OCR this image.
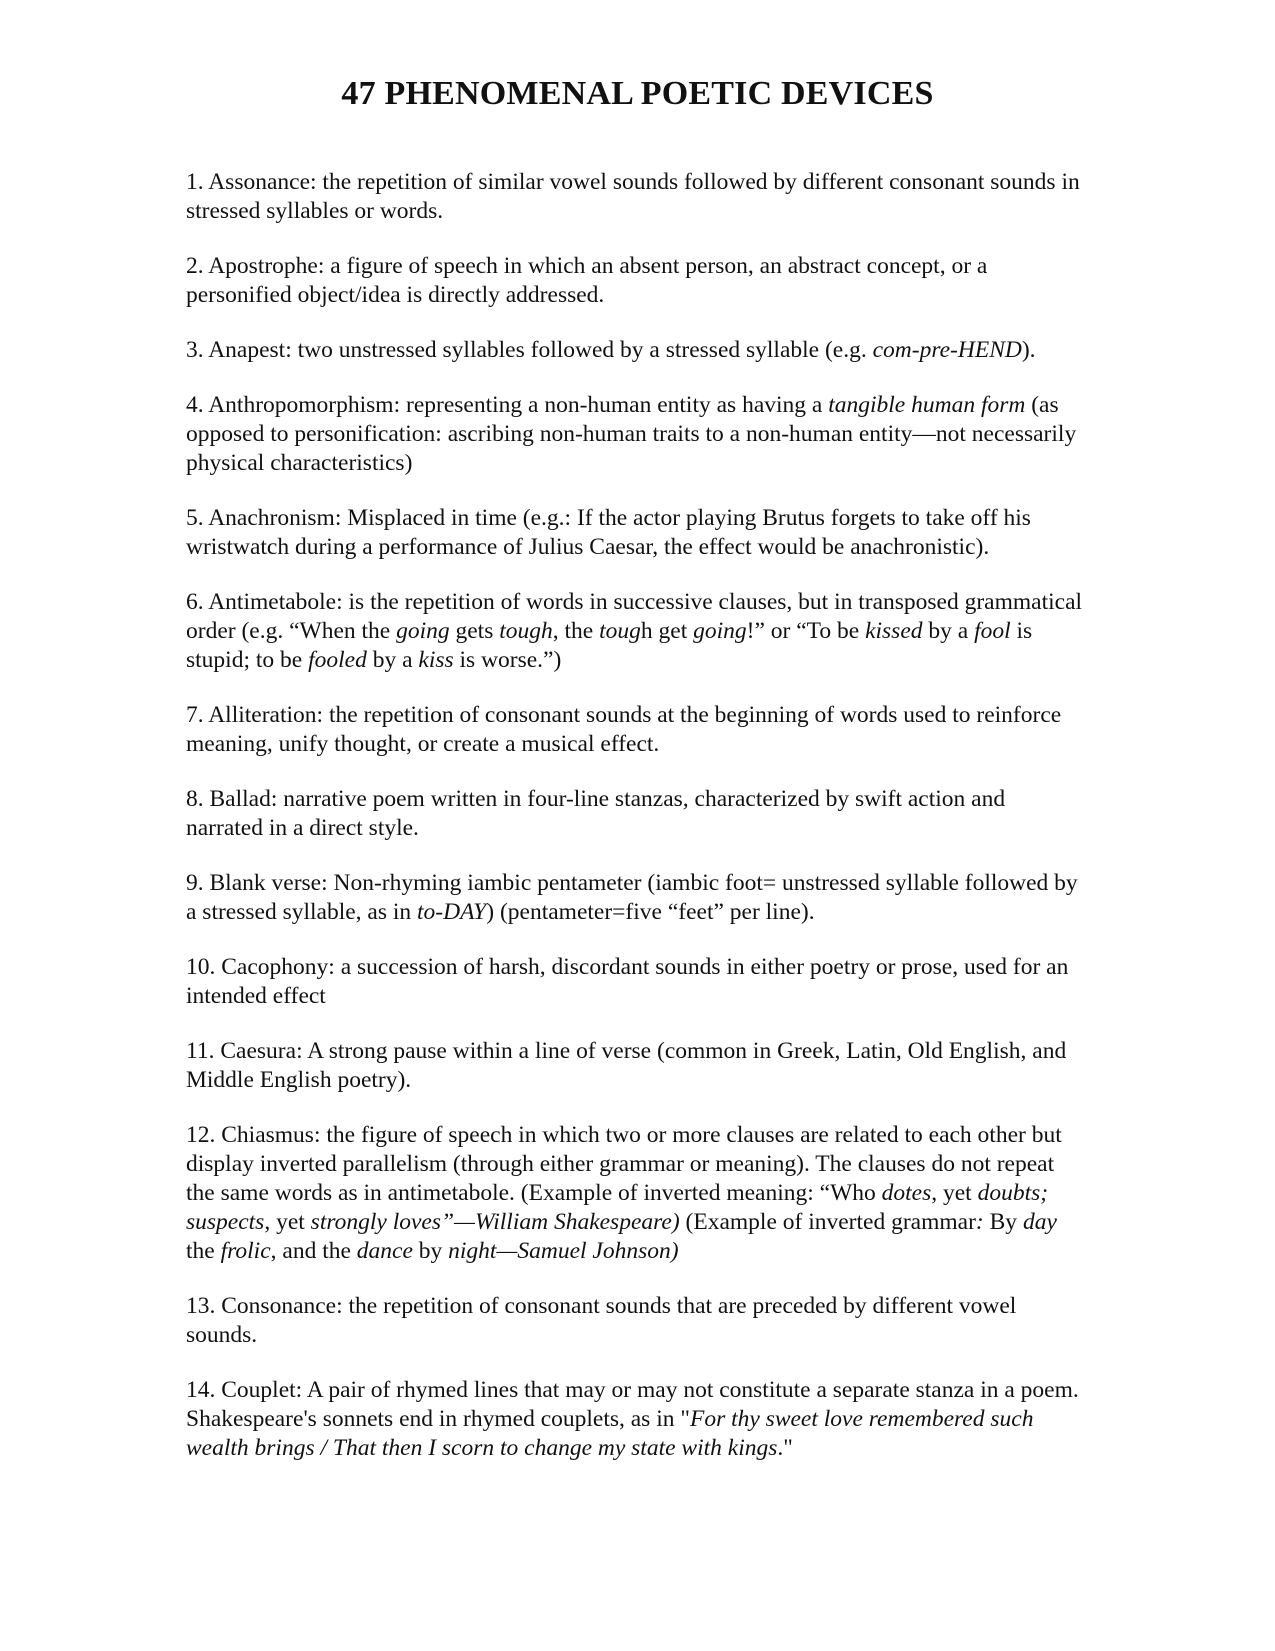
47 PHENOMENAL POETIC DEVICES

1. Assonance: the repetition of similar vowel sounds followed by different consonant sounds in stressed syllables or words.

2. Apostrophe: a figure of speech in which an absent person, an abstract concept, or a personified object/idea is directly addressed.

3. Anapest: two unstressed syllables followed by a stressed syllable (e.g. com-pre-HEND).

4. Anthropomorphism: representing a non-human entity as having a tangible human form (as opposed to personification: ascribing non-human traits to a non-human entity—not necessarily physical characteristics)

5. Anachronism: Misplaced in time (e.g.: If the actor playing Brutus forgets to take off his wristwatch during a performance of Julius Caesar, the effect would be anachronistic).

6. Antimetabole: is the repetition of words in successive clauses, but in transposed grammatical order (e.g. “When the going gets tough, the tough get going!” or “To be kissed by a fool is stupid; to be fooled by a kiss is worse.”)

7. Alliteration: the repetition of consonant sounds at the beginning of words used to reinforce meaning, unify thought, or create a musical effect.

8. Ballad: narrative poem written in four-line stanzas, characterized by swift action and narrated in a direct style.

9. Blank verse: Non-rhyming iambic pentameter (iambic foot= unstressed syllable followed by a stressed syllable, as in to-DAY) (pentameter=five “feet” per line).

10. Cacophony: a succession of harsh, discordant sounds in either poetry or prose, used for an intended effect

11. Caesura: A strong pause within a line of verse (common in Greek, Latin, Old English, and Middle English poetry).

12. Chiasmus: the figure of speech in which two or more clauses are related to each other but display inverted parallelism (through either grammar or meaning). The clauses do not repeat the same words as in antimetabole. (Example of inverted meaning: “Who dotes, yet doubts; suspects, yet strongly loves”—William Shakespeare) (Example of inverted grammar: By day the frolic, and the dance by night—Samuel Johnson)

13. Consonance: the repetition of consonant sounds that are preceded by different vowel sounds.

14. Couplet: A pair of rhymed lines that may or may not constitute a separate stanza in a poem. Shakespeare's sonnets end in rhymed couplets, as in "For thy sweet love remembered such wealth brings / That then I scorn to change my state with kings."
